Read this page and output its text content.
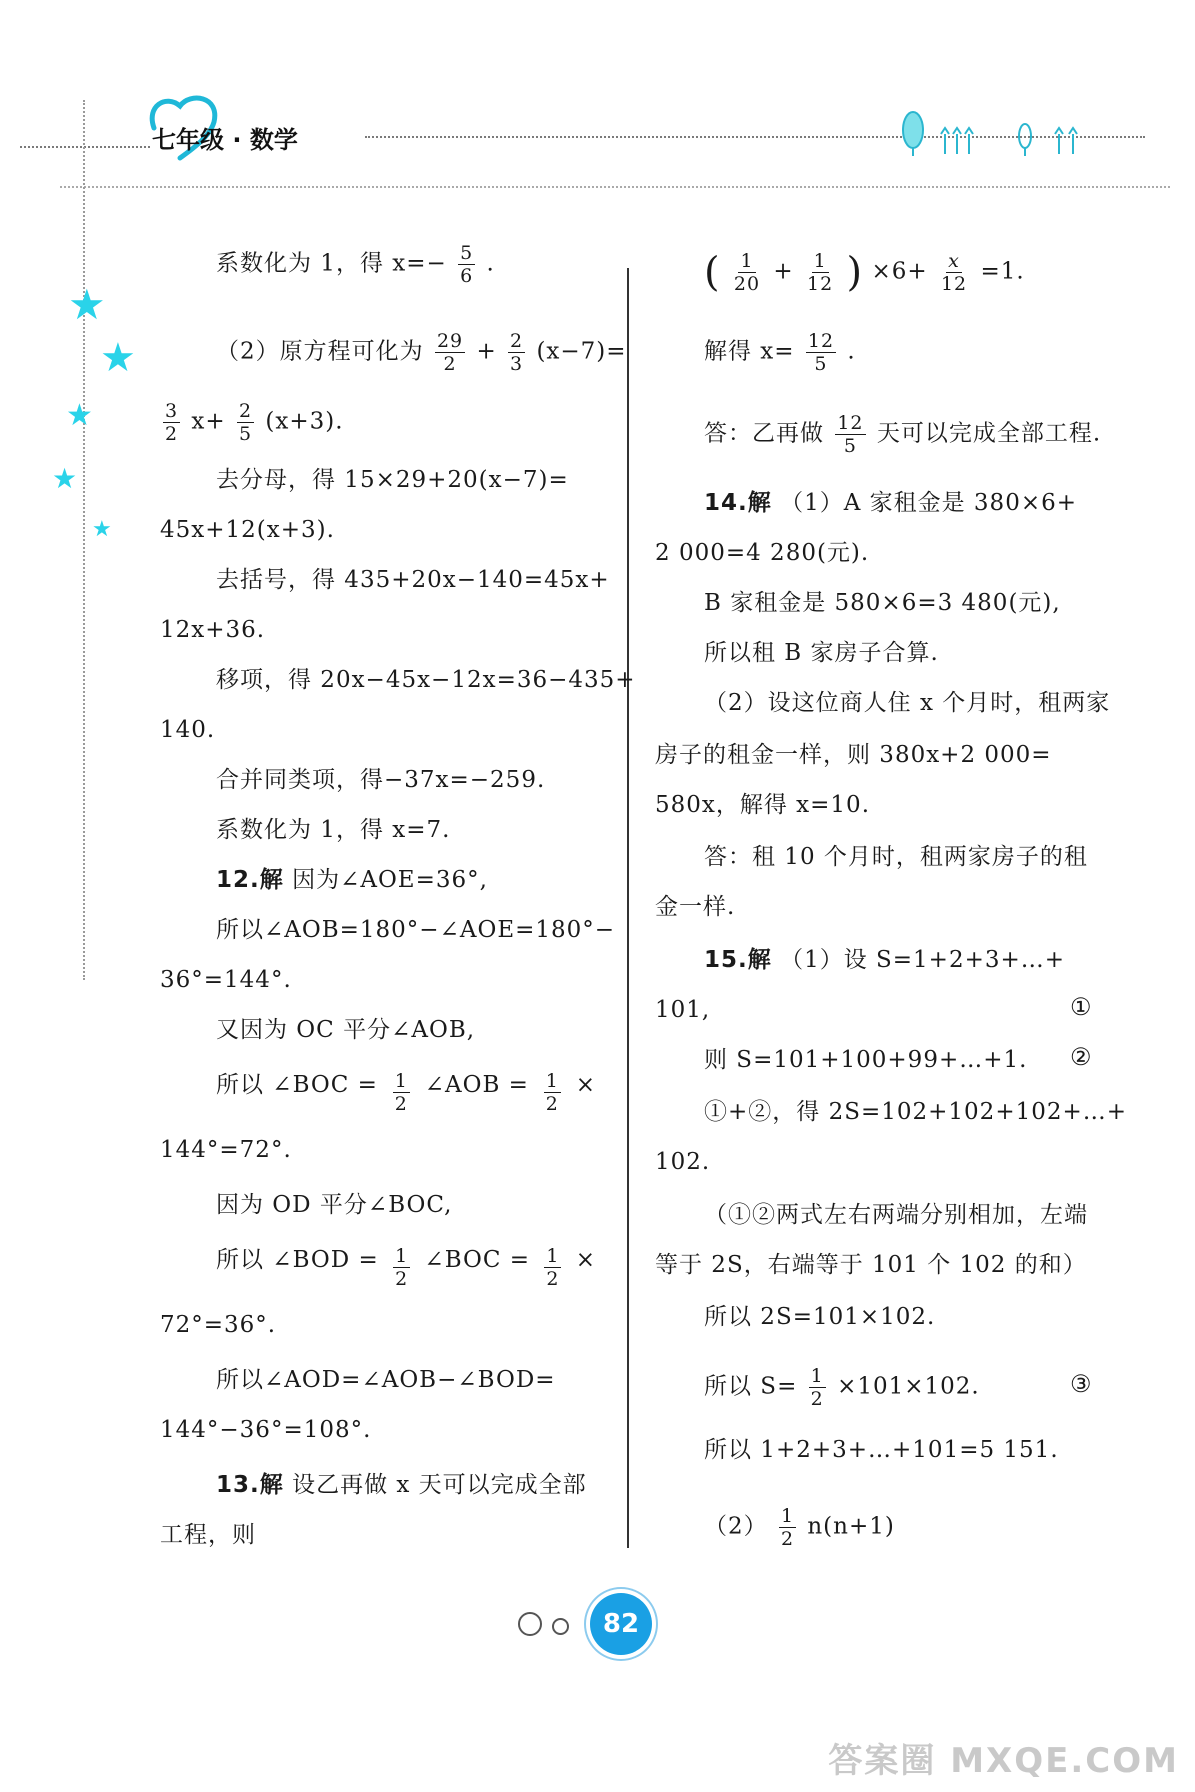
七年级 · 数学
★
★
★
★
★
系数化为 1，得 $x=- \frac{5}{6}$ .
（2）原方程可化为 $\frac{29}{2} + \frac{2}{3} (x-7)=$
$\frac{3}{2} x+ \frac{2}{5} (x+3)$.
去分母，得 15×29+20(x−7)=
45x+12(x+3).
去括号，得 435+20x−140=45x+
12x+36.
移项，得 20x−45x−12x=36−435+
140.
合并同类项，得−37x=−259.
系数化为 1，得 x=7.
12.解 因为∠AOE=36°,
所以∠AOB=180°−∠AOE=180°−
36°=144°.
又因为 OC 平分∠AOB,
所以 ∠BOC = $\frac{1}{2}$ ∠AOB = $\frac{1}{2}$ ×
144°=72°.
因为 OD 平分∠BOC,
所以 ∠BOD = $\frac{1}{2}$ ∠BOC = $\frac{1}{2}$ ×
72°=36°.
所以∠AOD=∠AOB−∠BOD=
144°−36°=108°.
13.解 设乙再做 x 天可以完成全部
工程，则
( $\frac{1}{20} + \frac{1}{12}$ ) $\times 6+ \frac{x}{12} =1$.
解得 $x= \frac{12}{5}$ .
答：乙再做 $\frac{12}{5}$ 天可以完成全部工程.
14.解 （1）A 家租金是 380×6+
2 000=4 280(元).
B 家租金是 580×6=3 480(元),
所以租 B 家房子合算.
（2）设这位商人住 x 个月时，租两家
房子的租金一样，则 380x+2 000=
580x，解得 x=10.
答：租 10 个月时，租两家房子的租
金一样.
15.解 （1）设 S=1+2+3+…+
101,	①
则 S=101+100+99+…+1. ②
①+②，得 2S=102+102+102+…+
102.
（①②两式左右两端分别相加，左端
等于 2S，右端等于 101 个 102 的和）
所以 2S=101×102.
所以 $S= \frac{1}{2} \times 101\times 102$.	③
所以 1+2+3+…+101=5 151.
$(2) \frac{1}{2} n(n+1)$
82
答案圈 MXQE.COM
